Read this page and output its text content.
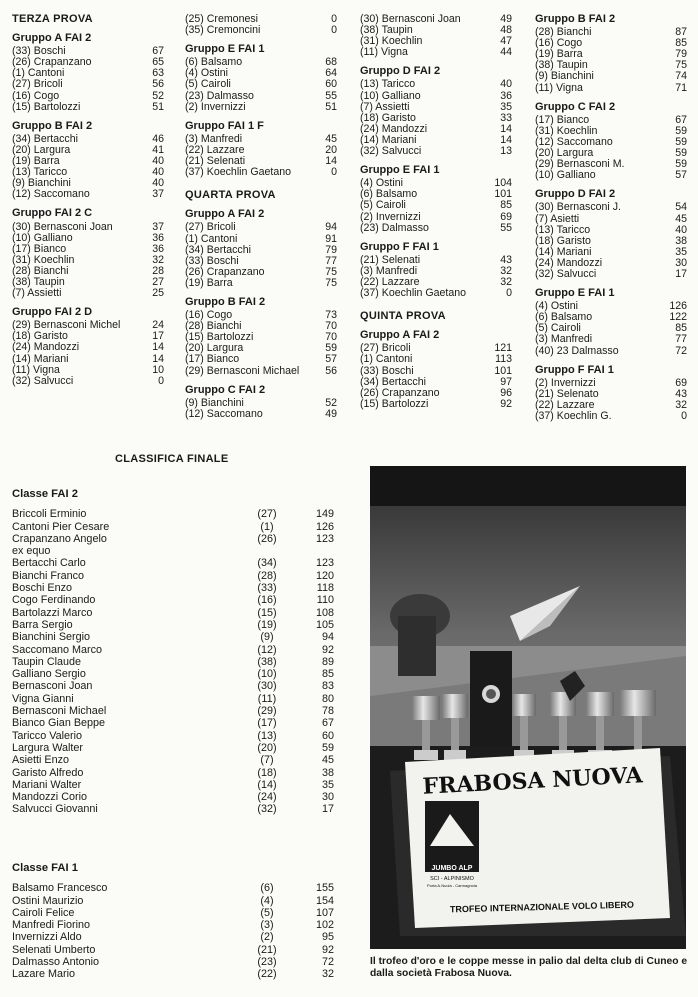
TERZA PROVA
Gruppo A FAI 2
(33) Boschi	67
(26) Crapanzano	65
(1) Cantoni	63
(27) Bricoli	56
(16) Cogo	52
(15) Bartolozzi	51
Gruppo B FAI 2
(34) Bertacchi	46
(20) Largura	41
(19) Barra	40
(13) Taricco	40
(9) Bianchini	40
(12) Saccomano	37
Gruppo FAI 2 C
(30) Bernasconi Joan	37
(10) Galliano	36
(17) Bianco	36
(31) Koechlin	32
(28) Bianchi	28
(38) Taupin	27
(7) Assietti	25
Gruppo FAI 2 D
(29) Bernasconi Michel	24
(18) Garisto	17
(24) Mandozzi	14
(14) Mariani	14
(11) Vigna	10
(32) Salvucci	0
(25) Cremonesi	0
(35) Cremoncini	0
Gruppo E FAI 1
(6) Balsamo	68
(4) Ostini	64
(5) Cairoli	60
(23) Dalmasso	55
(2) Invernizzi	51
Gruppo FAI 1 F
(3) Manfredi	45
(22) Lazzare	20
(21) Selenati	14
(37) Koechlin Gaetano	0
QUARTA PROVA
Gruppo A FAI 2
(27) Bricoli	94
(1) Cantoni	91
(34) Bertacchi	79
(33) Boschi	77
(26) Crapanzano	75
(19) Barra	75
Gruppo B FAI 2
(16) Cogo	73
(28) Bianchi	70
(15) Bartolozzi	70
(20) Largura	59
(17) Bianco	57
(29) Bernasconi Michael	56
Gruppo C FAI 2
(9) Bianchini	52
(12) Saccomano	49
(30) Bernasconi Joan	49
(38) Taupin	48
(31) Koechlin	47
(11) Vigna	44
Gruppo D FAI 2
(13) Taricco	40
(10) Galliano	36
(7) Assietti	35
(18) Garisto	33
(24) Mandozzi	14
(14) Mariani	14
(32) Salvucci	13
Gruppo E FAI 1
(4) Ostini	104
(6) Balsamo	101
(5) Cairoli	85
(2) Invernizzi	69
(23) Dalmasso	55
Gruppo F FAI 1
(21) Selenati	43
(3) Manfredi	32
(22) Lazzare	32
(37) Koechlin Gaetano	0
QUINTA PROVA
Gruppo A FAI 2
(27) Bricoli	121
(1) Cantoni	113
(33) Boschi	101
(34) Bertacchi	97
(26) Crapanzano	96
(15) Bartolozzi	92
Gruppo B FAI 2
(28) Bianchi	87
(16) Cogo	85
(19) Barra	79
(38) Taupin	75
(9) Bianchini	74
(11) Vigna	71
Gruppo C FAI 2
(17) Bianco	67
(31) Koechlin	59
(12) Saccomano	59
(20) Largura	59
(29) Bernasconi M.	59
(10) Galliano	57
Gruppo D FAI 2
(30) Bernasconi J.	54
(7) Asietti	45
(13) Taricco	40
(18) Garisto	38
(14) Mariani	35
(24) Mandozzi	30
(32) Salvucci	17
Gruppo E FAI 1
(4) Ostini	126
(6) Balsamo	122
(5) Cairoli	85
(3) Manfredi	77
(40) 23 Dalmasso	72
Gruppo F FAI 1
(2) Invernizzi	69
(21) Selenato	43
(22) Lazzare	32
(37) Koechlin G.	0
CLASSIFICA FINALE
Classe FAI 2
Briccoli Erminio	(27)	149
Cantoni Pier Cesare	(1)	126
Crapanzano Angelo	(26)	123
ex equo
Bertacchi Carlo	(34)	123
Bianchi Franco	(28)	120
Boschi Enzo	(33)	118
Cogo Ferdinando	(16)	110
Bartolazzi Marco	(15)	108
Barra Sergio	(19)	105
Bianchini Sergio	(9)	94
Saccomano Marco	(12)	92
Taupin Claude	(38)	89
Galliano Sergio	(10)	85
Bernasconi Joan	(30)	83
Vigna Gianni	(11)	80
Bernasconi Michael	(29)	78
Bianco Gian Beppe	(17)	67
Taricco Valerio	(13)	60
Largura Walter	(20)	59
Asietti Enzo	(7)	45
Garisto Alfredo	(18)	38
Mariani Walter	(14)	35
Mandozzi Corio	(24)	30
Salvucci Giovanni	(32)	17
Classe FAI 1
Balsamo Francesco	(6)	155
Ostini Maurizio	(4)	154
Cairoli Felice	(5)	107
Manfredi Fiorino	(3)	102
Invernizzi Aldo	(2)	95
Selenati Umberto	(21)	92
Dalmasso Antonio	(23)	72
Lazare Mario	(22)	32
FRABOSA NUOVA
JUMBO ALP
SCI - ALPINISMO
Porta A.Nuola - Carmagnola
TROFEO INTERNAZIONALE VOLO LIBERO
Il trofeo d'oro e le coppe messe in palio dal delta club di Cuneo e dalla società Frabosa Nuova.
